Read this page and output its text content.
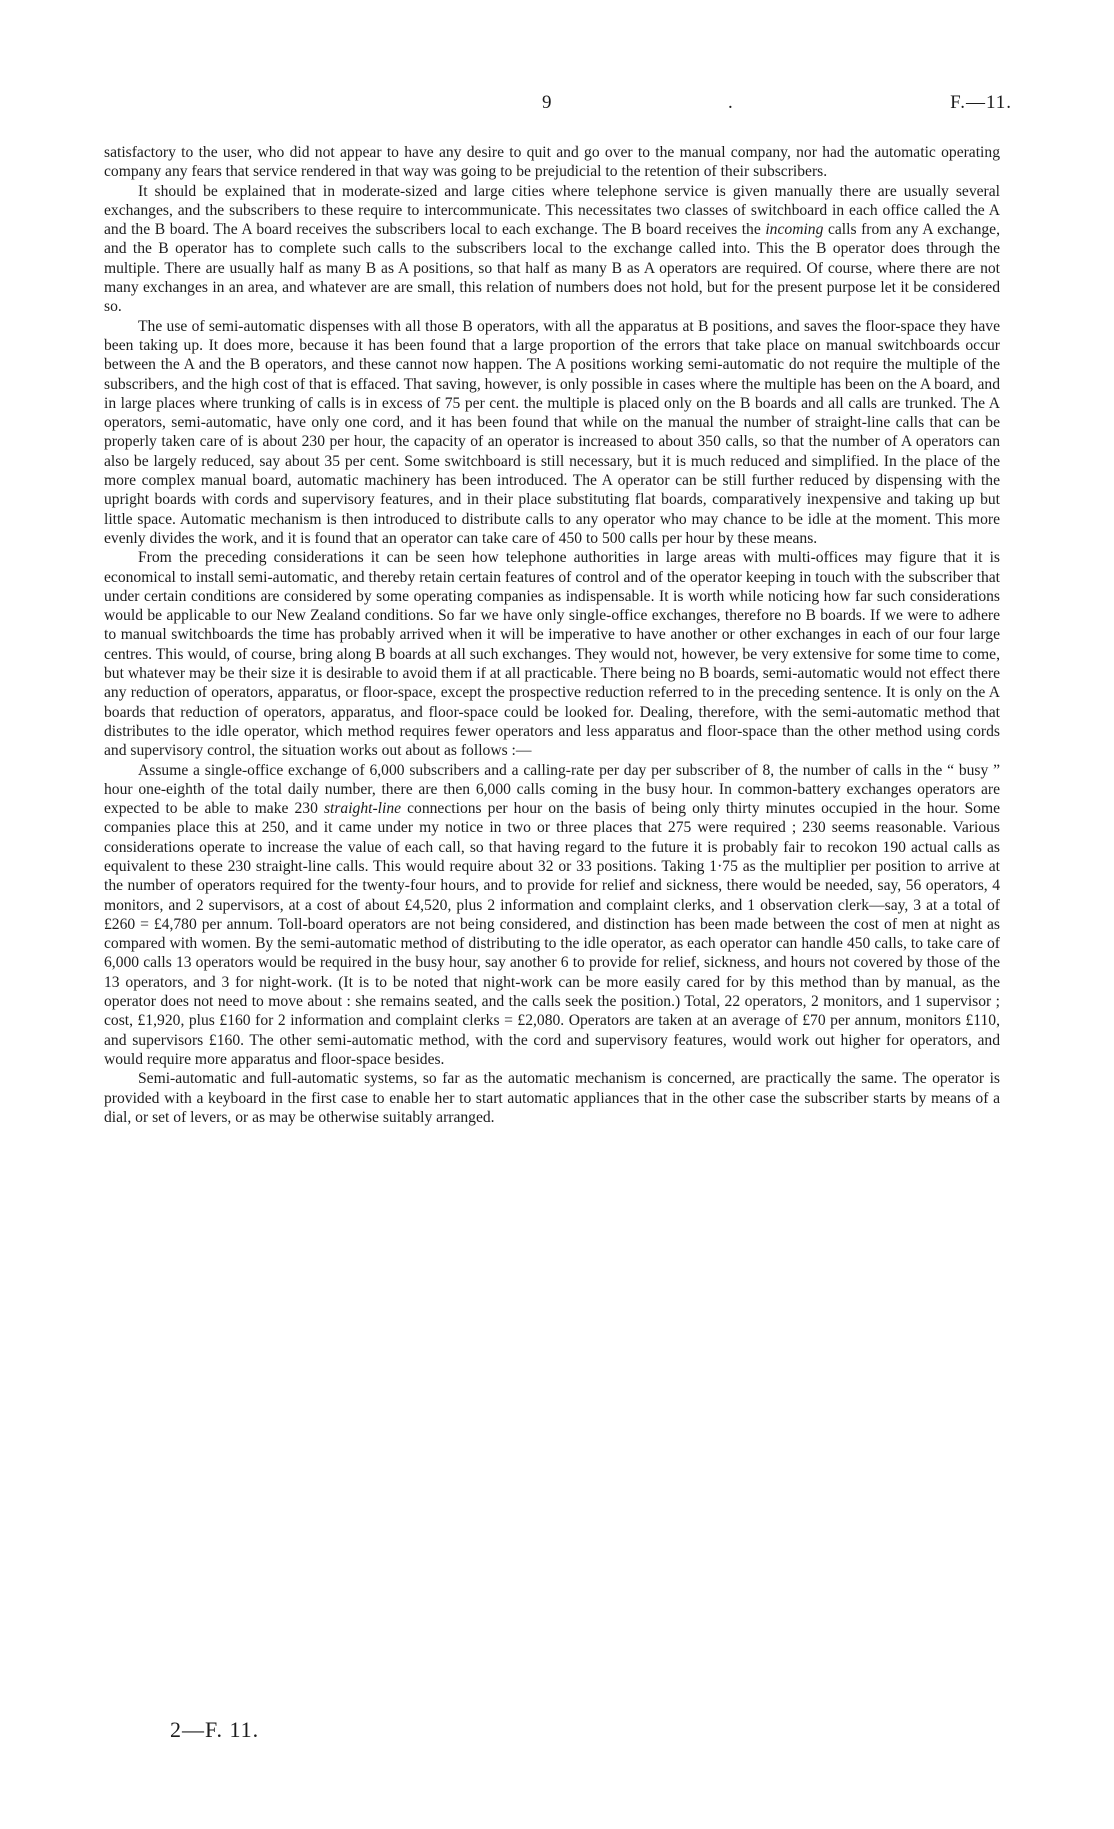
9	.	F.—11.

satisfactory to the user, who did not appear to have any desire to quit and go over to the manual company, nor had the automatic operating company any fears that service rendered in that way was going to be prejudicial to the retention of their subscribers.

It should be explained that in moderate-sized and large cities where telephone service is given manually there are usually several exchanges, and the subscribers to these require to intercommunicate. This necessitates two classes of switchboard in each office called the A and the B board. The A board receives the subscribers local to each exchange. The B board receives the incoming calls from any A exchange, and the B operator has to complete such calls to the subscribers local to the exchange called into. This the B operator does through the multiple. There are usually half as many B as A positions, so that half as many B as A operators are required. Of course, where there are not many exchanges in an area, and whatever are are small, this relation of numbers does not hold, but for the present purpose let it be considered so.

The use of semi-automatic dispenses with all those B operators, with all the apparatus at B positions, and saves the floor-space they have been taking up. It does more, because it has been found that a large proportion of the errors that take place on manual switchboards occur between the A and the B operators, and these cannot now happen. The A positions working semi-automatic do not require the multiple of the subscribers, and the high cost of that is effaced. That saving, however, is only possible in cases where the multiple has been on the A board, and in large places where trunking of calls is in excess of 75 per cent. the multiple is placed only on the B boards and all calls are trunked. The A operators, semi-automatic, have only one cord, and it has been found that while on the manual the number of straight-line calls that can be properly taken care of is about 230 per hour, the capacity of an operator is increased to about 350 calls, so that the number of A operators can also be largely reduced, say about 35 per cent. Some switchboard is still necessary, but it is much reduced and simplified. In the place of the more complex manual board, automatic machinery has been introduced. The A operator can be still further reduced by dispensing with the upright boards with cords and supervisory features, and in their place substituting flat boards, comparatively inexpensive and taking up but little space. Automatic mechanism is then introduced to distribute calls to any operator who may chance to be idle at the moment. This more evenly divides the work, and it is found that an operator can take care of 450 to 500 calls per hour by these means.

From the preceding considerations it can be seen how telephone authorities in large areas with multi-offices may figure that it is economical to install semi-automatic, and thereby retain certain features of control and of the operator keeping in touch with the subscriber that under certain conditions are considered by some operating companies as indispensable. It is worth while noticing how far such considerations would be applicable to our New Zealand conditions. So far we have only single-office exchanges, therefore no B boards. If we were to adhere to manual switchboards the time has probably arrived when it will be imperative to have another or other exchanges in each of our four large centres. This would, of course, bring along B boards at all such exchanges. They would not, however, be very extensive for some time to come, but whatever may be their size it is desirable to avoid them if at all practicable. There being no B boards, semi-automatic would not effect there any reduction of operators, apparatus, or floor-space, except the prospective reduction referred to in the preceding sentence. It is only on the A boards that reduction of operators, apparatus, and floor-space could be looked for. Dealing, therefore, with the semi-automatic method that distributes to the idle operator, which method requires fewer operators and less apparatus and floor-space than the other method using cords and supervisory control, the situation works out about as follows :—

Assume a single-office exchange of 6,000 subscribers and a calling-rate per day per subscriber of 8, the number of calls in the “ busy ” hour one-eighth of the total daily number, there are then 6,000 calls coming in the busy hour. In common-battery exchanges operators are expected to be able to make 230 straight-line connections per hour on the basis of being only thirty minutes occupied in the hour. Some companies place this at 250, and it came under my notice in two or three places that 275 were required ; 230 seems reasonable. Various considerations operate to increase the value of each call, so that having regard to the future it is probably fair to recokon 190 actual calls as equivalent to these 230 straight-line calls. This would require about 32 or 33 positions. Taking 1·75 as the multiplier per position to arrive at the number of operators required for the twenty-four hours, and to provide for relief and sickness, there would be needed, say, 56 operators, 4 monitors, and 2 supervisors, at a cost of about £4,520, plus 2 information and complaint clerks, and 1 observation clerk—say, 3 at a total of £260 = £4,780 per annum. Toll-board operators are not being considered, and distinction has been made between the cost of men at night as compared with women. By the semi-automatic method of distributing to the idle operator, as each operator can handle 450 calls, to take care of 6,000 calls 13 operators would be required in the busy hour, say another 6 to provide for relief, sickness, and hours not covered by those of the 13 operators, and 3 for night-work. (It is to be noted that night-work can be more easily cared for by this method than by manual, as the operator does not need to move about : she remains seated, and the calls seek the position.) Total, 22 operators, 2 monitors, and 1 supervisor ; cost, £1,920, plus £160 for 2 information and complaint clerks = £2,080. Operators are taken at an average of £70 per annum, monitors £110, and supervisors £160. The other semi-automatic method, with the cord and supervisory features, would work out higher for operators, and would require more apparatus and floor-space besides.

Semi-automatic and full-automatic systems, so far as the automatic mechanism is concerned, are practically the same. The operator is provided with a keyboard in the first case to enable her to start automatic appliances that in the other case the subscriber starts by means of a dial, or set of levers, or as may be otherwise suitably arranged.

2—F. 11.
